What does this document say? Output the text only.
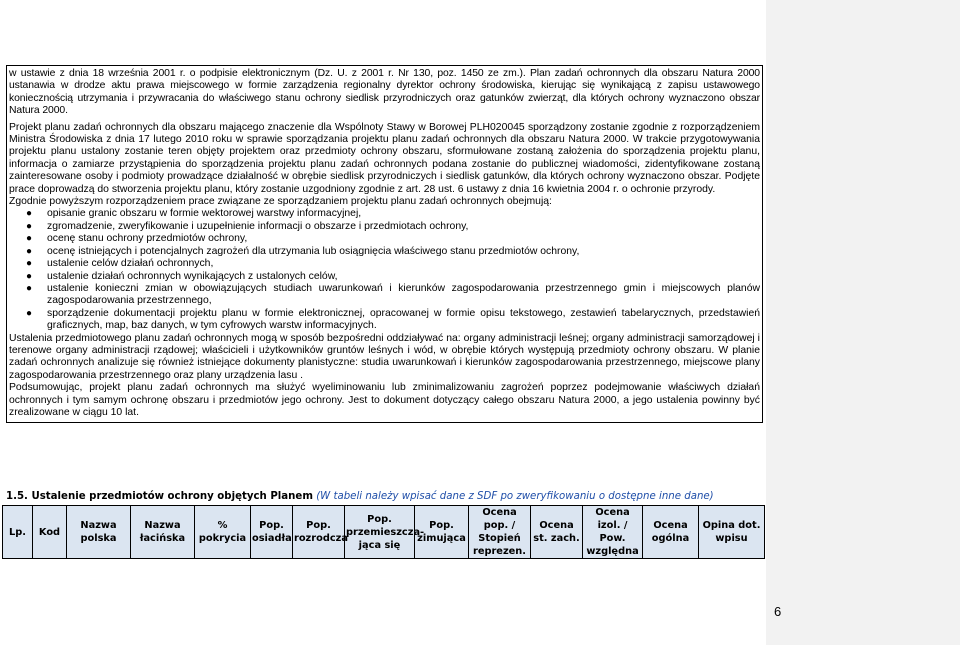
w ustawie z dnia 18 września 2001 r. o podpisie elektronicznym (Dz. U. z 2001 r. Nr 130, poz. 1450 ze zm.). Plan zadań ochronnych dla obszaru Natura 2000 ustanawia w drodze aktu prawa miejscowego w formie zarządzenia regionalny dyrektor ochrony środowiska, kierując się wynikającą z zapisu ustawowego koniecznością utrzymania i przywracania do właściwego stanu ochrony siedlisk przyrodniczych oraz gatunków zwierząt, dla których ochrony wyznaczono obszar Natura 2000.

Projekt planu zadań ochronnych dla obszaru mającego znaczenie dla Wspólnoty Stawy w Borowej PLH020045 sporządzony zostanie zgodnie z rozporządzeniem Ministra Środowiska z dnia 17 lutego 2010 roku w sprawie sporządzania projektu planu zadań ochronnych dla obszaru Natura 2000. W trakcie przygotowywania projektu planu ustalony zostanie teren objęty projektem oraz przedmioty ochrony obszaru, sformułowane zostaną założenia do sporządzenia projektu planu, informacja o zamiarze przystąpienia do sporządzenia projektu planu zadań ochronnych podana zostanie do publicznej wiadomości, zidentyfikowane zostaną zainteresowane osoby i podmioty prowadzące działalność w obrębie siedlisk przyrodniczych i siedlisk gatunków, dla których ochrony wyznaczono obszar. Podjęte prace doprowadzą do stworzenia projektu planu, który zostanie uzgodniony zgodnie z art. 28 ust. 6 ustawy z dnia 16 kwietnia 2004 r. o ochronie przyrody.

Zgodnie powyższym rozporządzeniem prace związane ze sporządzaniem projektu planu zadań ochronnych obejmują:

● opisanie granic obszaru w formie wektorowej warstwy informacyjnej,
● zgromadzenie, zweryfikowanie i uzupełnienie informacji o obszarze i przedmiotach ochrony,
● ocenę stanu ochrony przedmiotów ochrony,
● ocenę istniejących i potencjalnych zagrożeń dla utrzymania lub osiągnięcia właściwego stanu przedmiotów ochrony,
● ustalenie celów działań ochronnych,
● ustalenie działań ochronnych wynikających z ustalonych celów,
● ustalenie konieczni zmian w obowiązujących studiach uwarunkowań i kierunków zagospodarowania przestrzennego gmin i miejscowych planów zagospodarowania przestrzennego,
● sporządzenie dokumentacji projektu planu w formie elektronicznej, opracowanej w formie opisu tekstowego, zestawień tabelarycznych, przedstawień graficznych, map, baz danych, w tym cyfrowych warstw informacyjnych.

Ustalenia przedmiotowego planu zadań ochronnych mogą w sposób bezpośredni oddziaływać na: organy administracji leśnej; organy administracji samorządowej i terenowe organy administracji rządowej; właścicieli i użytkowników gruntów leśnych i wód, w obrębie których występują przedmioty ochrony obszaru. W planie zadań ochronnych analizuje się również istniejące dokumenty planistyczne: studia uwarunkowań i kierunków zagospodarowania przestrzennego, miejscowe plany zagospodarowania przestrzennego oraz plany urządzenia lasu .

Podsumowując, projekt planu zadań ochronnych ma służyć wyeliminowaniu lub zminimalizowaniu zagrożeń poprzez podejmowanie właściwych działań ochronnych i tym samym ochronę obszaru i przedmiotów jego ochrony. Jest to dokument dotyczący całego obszaru Natura 2000, a jego ustalenia powinny być zrealizowane w ciągu 10 lat.

1.5. Ustalenie przedmiotów ochrony objętych Planem (W tabeli należy wpisać dane z SDF po zweryfikowaniu o dostępne inne dane)
Lp.	Kod	Nazwa polska	Nazwa łacińska	% pokrycia	Pop. osiadła	Pop. rozrodcza	Pop. przemieszcza-jąca się	Pop. zimująca	Ocena pop. / Stopień reprezen.	Ocena st. zach.	Ocena izol. / Pow. względna	Ocena ogólna	Opina dot. wpisu
6
